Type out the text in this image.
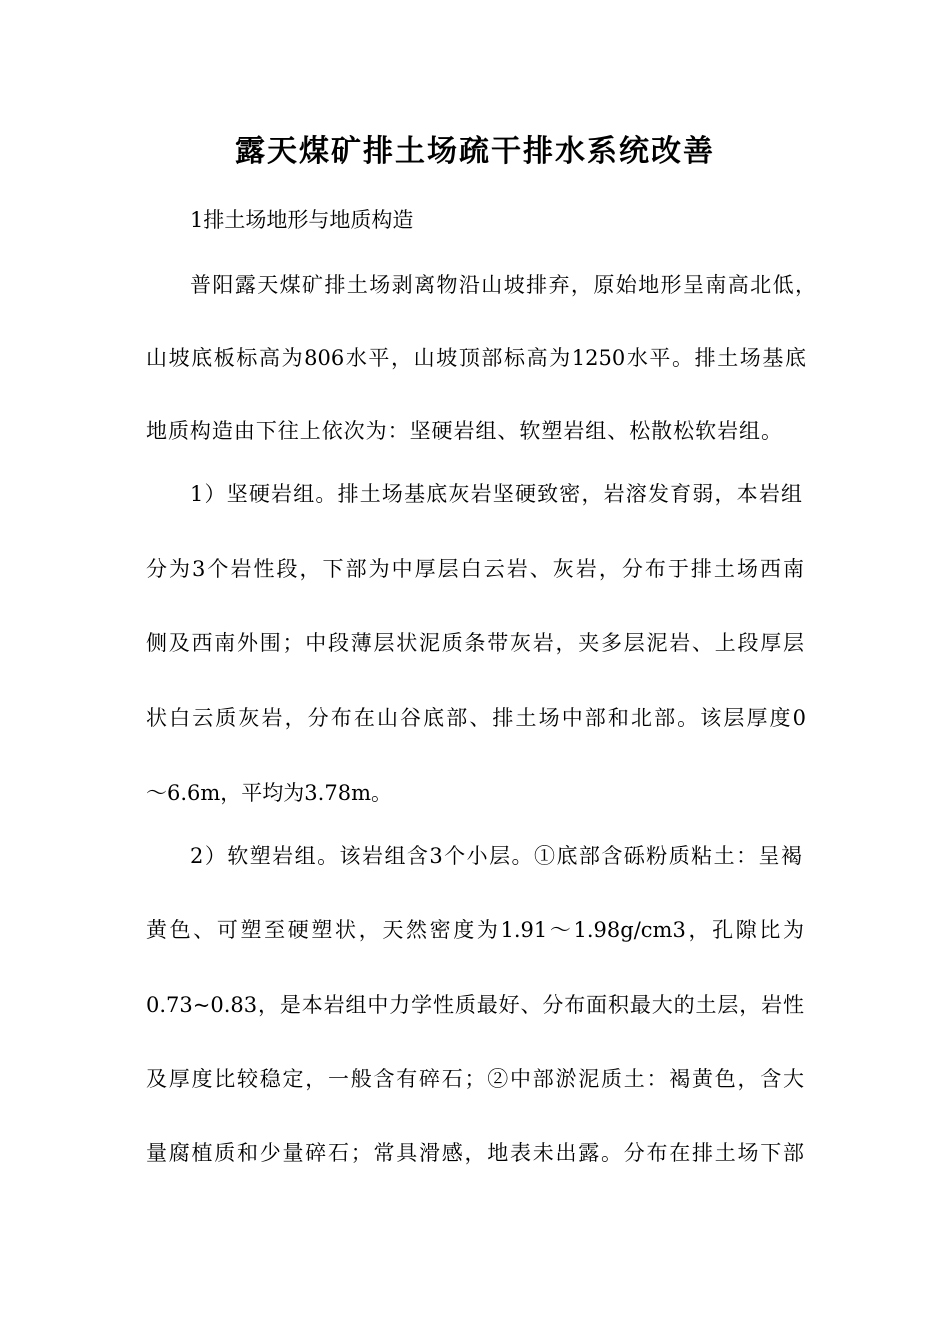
露天煤矿排土场疏干排水系统改善

1排土场地形与地质构造

普阳露天煤矿排土场剥离物沿山坡排弃，原始地形呈南高北低，

山坡底板标高为806水平，山坡顶部标高为1250水平。排土场基底

地质构造由下往上依次为：坚硬岩组、软塑岩组、松散松软岩组。

1）坚硬岩组。排土场基底灰岩坚硬致密，岩溶发育弱，本岩组

分为3个岩性段，下部为中厚层白云岩、灰岩，分布于排土场西南

侧及西南外围；中段薄层状泥质条带灰岩，夹多层泥岩、上段厚层

状白云质灰岩，分布在山谷底部、排土场中部和北部。该层厚度0

～6.6m，平均为3.78m。

2）软塑岩组。该岩组含3个小层。①底部含砾粉质粘土：呈褐

黄色、可塑至硬塑状，天然密度为1.91～1.98g/cm3，孔隙比为

0.73~0.83，是本岩组中力学性质最好、分布面积最大的土层，岩性

及厚度比较稳定，一般含有碎石；②中部淤泥质土：褐黄色，含大

量腐植质和少量碎石；常具滑感，地表未出露。分布在排土场下部
